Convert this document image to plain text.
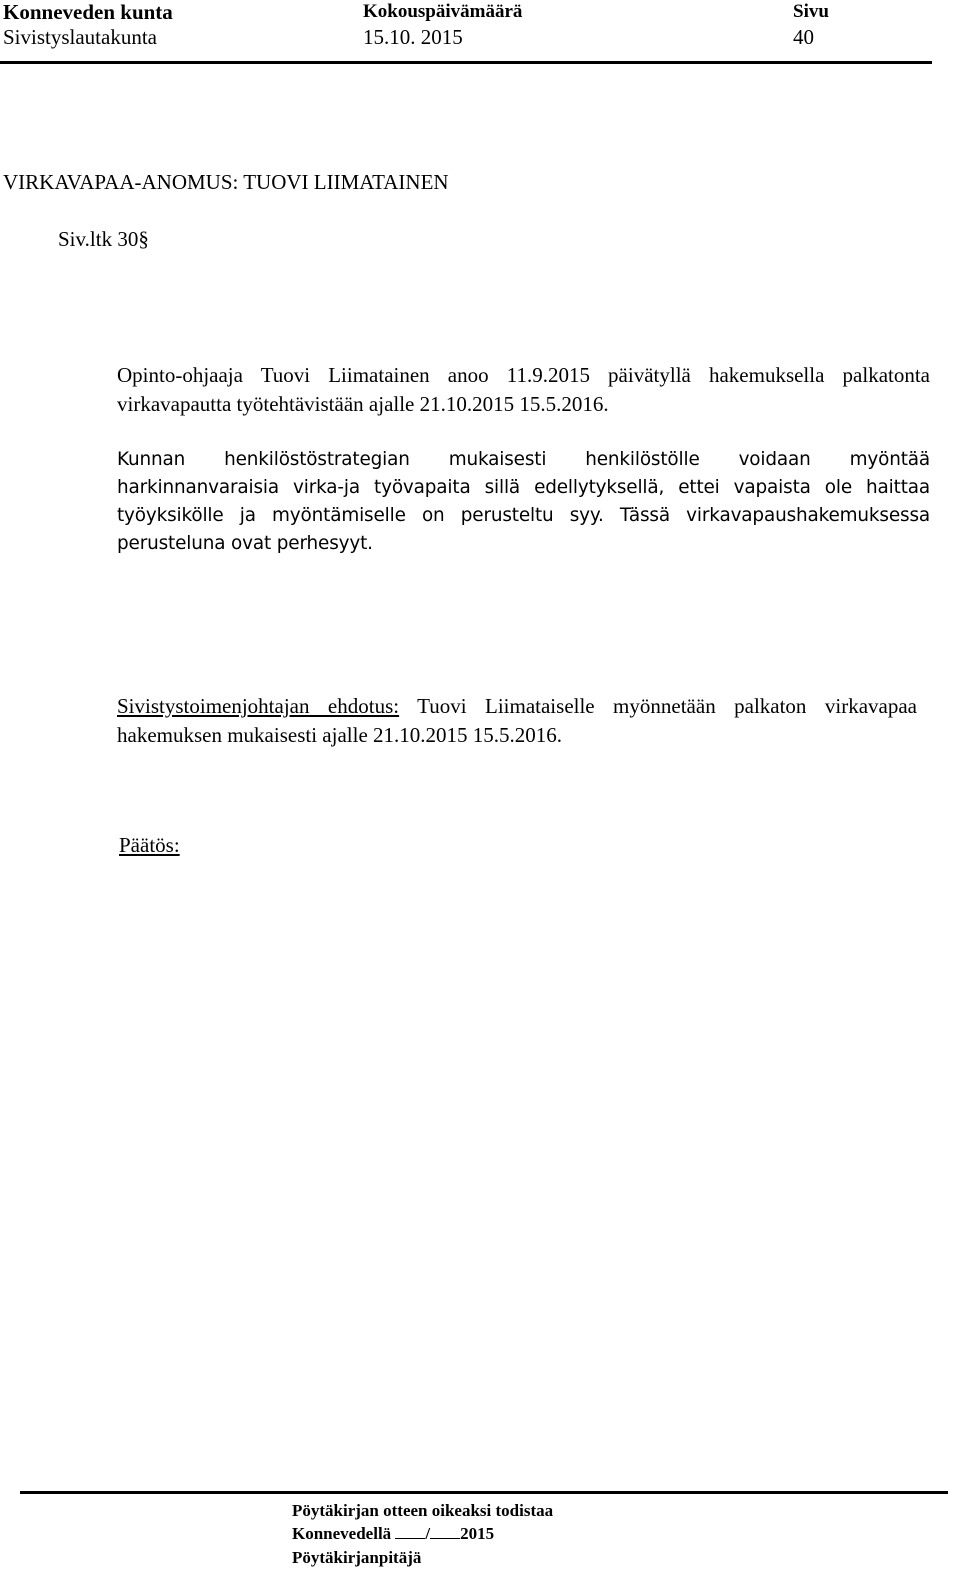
Konneveden kunta
Sivistyslautakunta
Kokouspäivämäärä
15.10. 2015
Sivu
40
VIRKAVAPAA-ANOMUS: TUOVI LIIMATAINEN
Siv.ltk 30§
Opinto-ohjaaja Tuovi Liimatainen anoo 11.9.2015 päivätyllä hakemuksella palkatonta virkavapautta työtehtävistään ajalle 21.10.2015 15.5.2016.
Kunnan henkilöstöstrategian mukaisesti henkilöstölle voidaan myöntää harkinnanvaraisia virka-ja työvapaita sillä edellytyksellä, ettei vapaista ole haittaa työyksikölle ja myöntämiselle on perusteltu syy. Tässä virkavapaushakemuksessa perusteluna ovat perhesyyt.
Sivistystoimenjohtajan ehdotus: Tuovi Liimataiselle myönnetään palkaton virkavapaa hakemuksen mukaisesti ajalle 21.10.2015 15.5.2016.
Päätös:
Pöytäkirjan otteen oikeaksi todistaa
Konnevedellä / 2015
Pöytäkirjanpitäjä
